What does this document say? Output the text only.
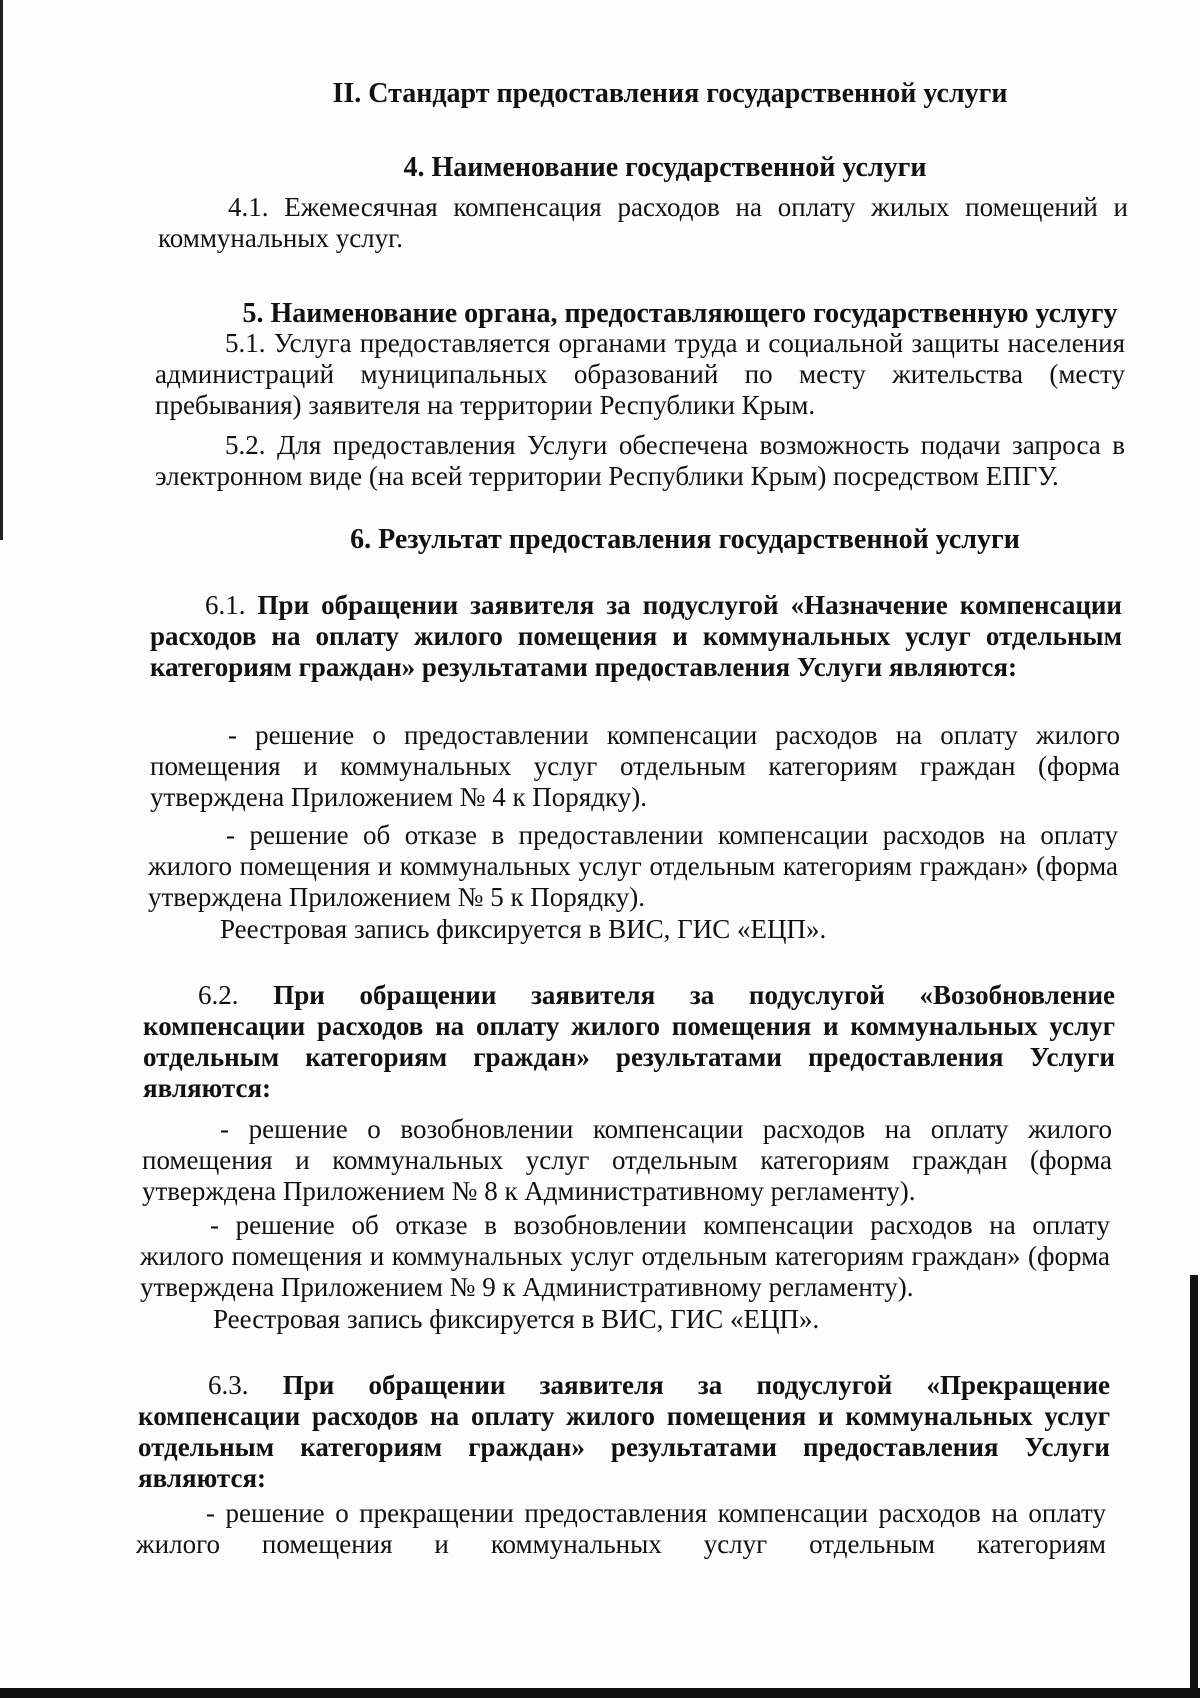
II. Стандарт предоставления государственной услуги

4. Наименование государственной услуги

4.1. Ежемесячная компенсация расходов на оплату жилых помещений и коммунальных услуг.

5. Наименование органа, предоставляющего государственную услугу

5.1. Услуга предоставляется органами труда и социальной защиты населения администраций муниципальных образований по месту жительства (месту пребывания) заявителя на территории Республики Крым.

5.2. Для предоставления Услуги обеспечена возможность подачи запроса в электронном виде (на всей территории Республики Крым) посредством ЕПГУ.

6. Результат предоставления государственной услуги

6.1. При обращении заявителя за подуслугой «Назначение компенсации расходов на оплату жилого помещения и коммунальных услуг отдельным категориям граждан» результатами предоставления Услуги являются:

- решение о предоставлении компенсации расходов на оплату жилого помещения и коммунальных услуг отдельным категориям граждан (форма утверждена Приложением № 4 к Порядку).

- решение об отказе в предоставлении компенсации расходов на оплату жилого помещения и коммунальных услуг отдельным категориям граждан» (форма утверждена Приложением № 5 к Порядку).

Реестровая запись фиксируется в ВИС, ГИС «ЕЦП».

6.2. При обращении заявителя за подуслугой «Возобновление компенсации расходов на оплату жилого помещения и коммунальных услуг отдельным категориям граждан» результатами предоставления Услуги являются:

- решение о возобновлении компенсации расходов на оплату жилого помещения и коммунальных услуг отдельным категориям граждан (форма утверждена Приложением № 8 к Административному регламенту).

- решение об отказе в возобновлении компенсации расходов на оплату жилого помещения и коммунальных услуг отдельным категориям граждан» (форма утверждена Приложением № 9 к Административному регламенту).

Реестровая запись фиксируется в ВИС, ГИС «ЕЦП».

6.3. При обращении заявителя за подуслугой «Прекращение компенсации расходов на оплату жилого помещения и коммунальных услуг отдельным категориям граждан» результатами предоставления Услуги являются:

- решение о прекращении предоставления компенсации расходов на оплату жилого помещения и коммунальных услуг отдельным категориям
